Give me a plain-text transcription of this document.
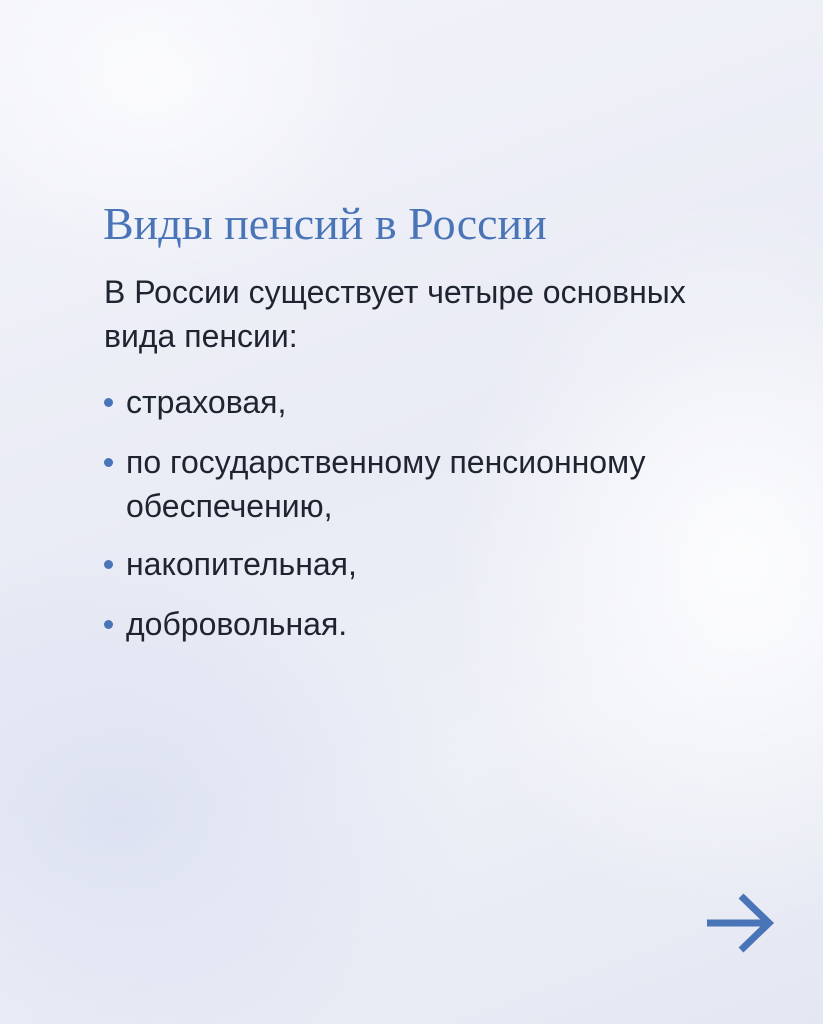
Виды пенсий в России

В России существует четыре основных вида пенсии:

страховая,
по государственному пенсионному обеспечению,
накопительная,
добровольная.
